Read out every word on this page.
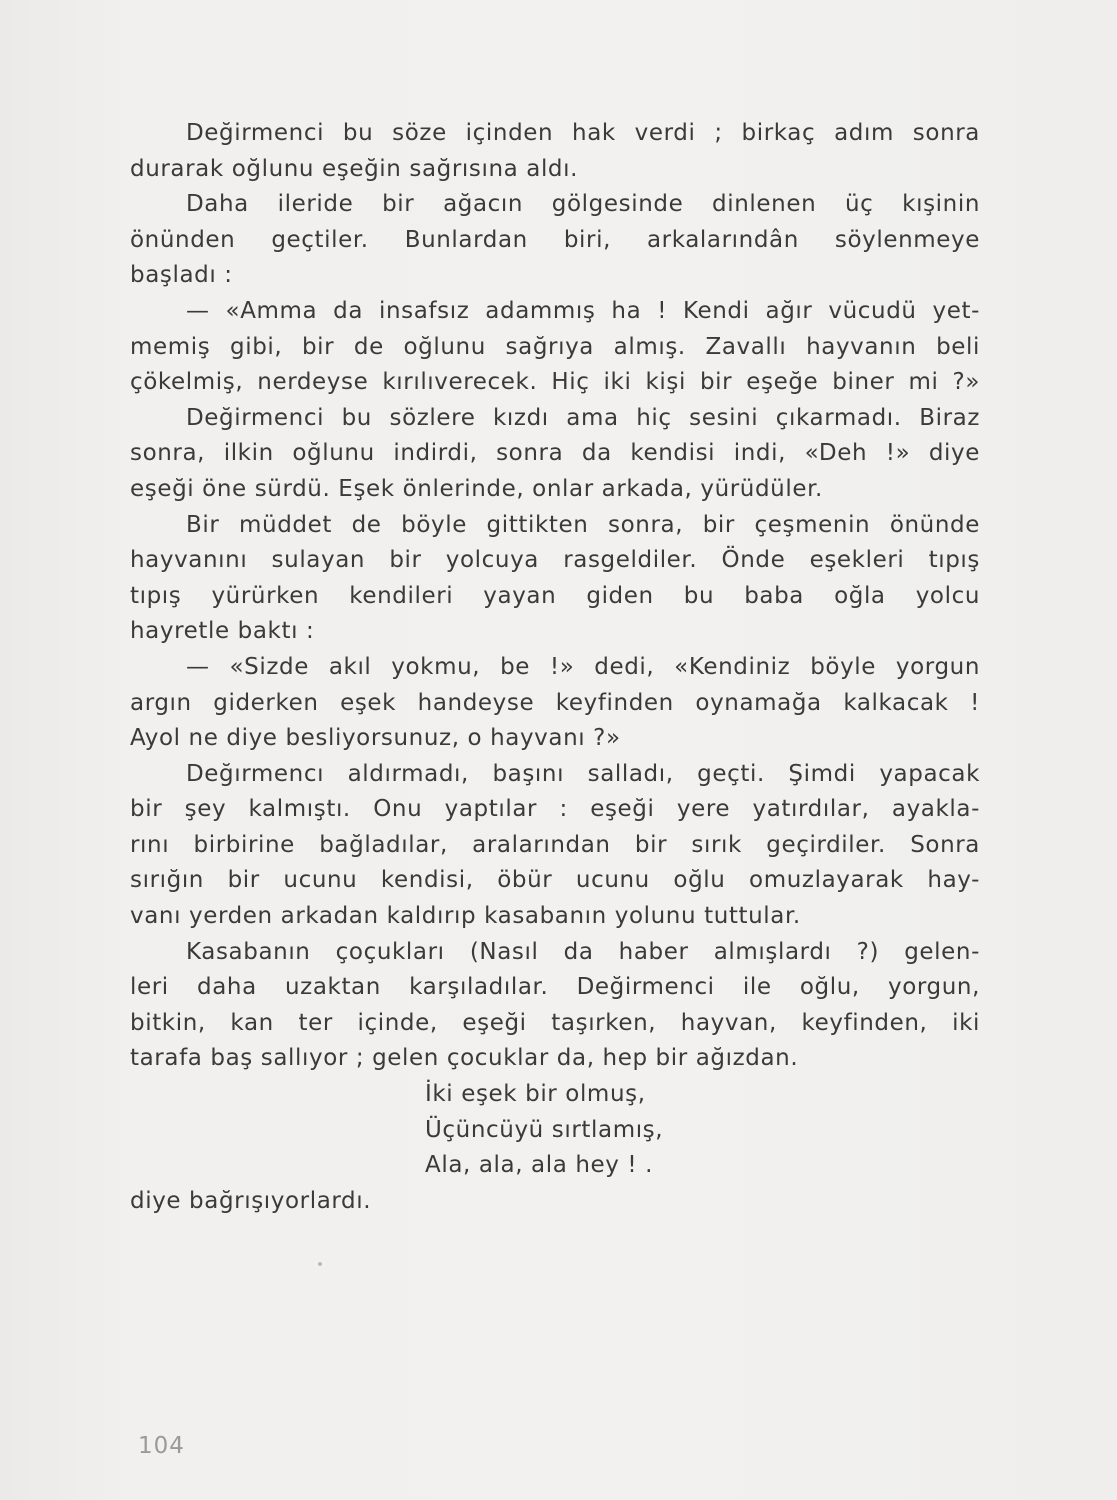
Değirmenci bu söze içinden hak verdi ; birkaç adım sonra
durarak oğlunu eşeğin sağrısına aldı.
Daha ileride bir ağacın gölgesinde dinlenen üç kışinin
önünden geçtiler. Bunlardan biri, arkalarındân söylenmeye
başladı :
— «Amma da insafsız adammış ha ! Kendi ağır vücudü yet-
memiş gibi, bir de oğlunu sağrıya almış. Zavallı hayvanın beli
çökelmiş, nerdeyse kırılıverecek. Hiç iki kişi bir eşeğe biner mi ?»
Değirmenci bu sözlere kızdı ama hiç sesini çıkarmadı. Biraz
sonra, ilkin oğlunu indirdi, sonra da kendisi indi, «Deh !» diye
eşeği öne sürdü. Eşek önlerinde, onlar arkada, yürüdüler.
Bir müddet de böyle gittikten sonra, bir çeşmenin önünde
hayvanını sulayan bir yolcuya rasgeldiler. Önde eşekleri tıpış
tıpış yürürken kendileri yayan giden bu baba oğla yolcu
hayretle baktı :
— «Sizde akıl yokmu, be !» dedi, «Kendiniz böyle yorgun
argın giderken eşek handeyse keyfinden oynamağa kalkacak !
Ayol ne diye besliyorsunuz, o hayvanı ?»
Değırmencı aldırmadı, başını salladı, geçti. Şimdi yapacak
bir şey kalmıştı. Onu yaptılar : eşeği yere yatırdılar, ayakla-
rını birbirine bağladılar, aralarından bir sırık geçirdiler. Sonra
sırığın bir ucunu kendisi, öbür ucunu oğlu omuzlayarak hay-
vanı yerden arkadan kaldırıp kasabanın yolunu tuttular.
Kasabanın çoçukları (Nasıl da haber almışlardı ?) gelen-
leri daha uzaktan karşıladılar. Değirmenci ile oğlu, yorgun,
bitkin, kan ter içinde, eşeği taşırken, hayvan, keyfinden, iki
tarafa baş sallıyor ; gelen çocuklar da, hep bir ağızdan.
İki eşek bir olmuş,
Üçüncüyü sırtlamış,
Ala, ala, ala hey ! .
diye bağrışıyorlardı.
104
